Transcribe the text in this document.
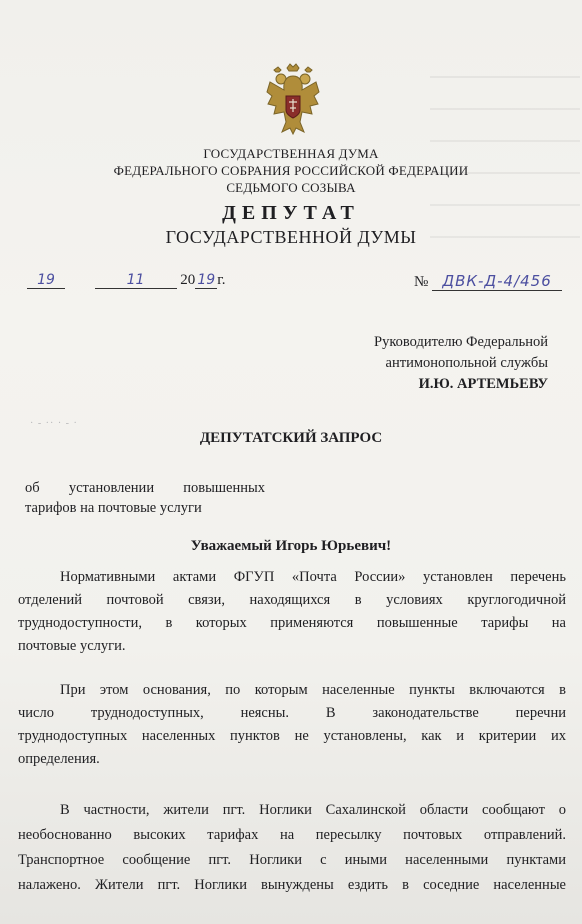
ГОСУДАРСТВЕННАЯ ДУМА
ФЕДЕРАЛЬНОГО СОБРАНИЯ РОССИЙСКОЙ ФЕДЕРАЦИИ
СЕДЬМОГО СОЗЫВА
ДЕПУТАТ
ГОСУДАРСТВЕННОЙ ДУМЫ
19	11 20 19 г.	№ ДВК-Д-4/456
Руководителю Федеральной
антимонопольной службы
И.Ю. АРТЕМЬЕВУ
· - ·· · - ·
ДЕПУТАТСКИЙ ЗАПРОС
об установлении повышенных
тарифов на почтовые услуги
Уважаемый Игорь Юрьевич!
Нормативными актами ФГУП «Почта России» установлен перечень
отделений почтовой связи, находящихся в условиях круглогодичной
труднодоступности, в которых применяются повышенные тарифы на
почтовые услуги.
При этом основания, по которым населенные пункты включаются в
число труднодоступных, неясны. В законодательстве перечни
труднодоступных населенных пунктов не установлены, как и критерии их
определения.
В частности, жители пгт. Ноглики Сахалинской области сообщают о
необоснованно высоких тарифах на пересылку почтовых отправлений.
Транспортное сообщение пгт. Ноглики с иными населенными пунктами
налажено. Жители пгт. Ноглики вынуждены ездить в соседние населенные
